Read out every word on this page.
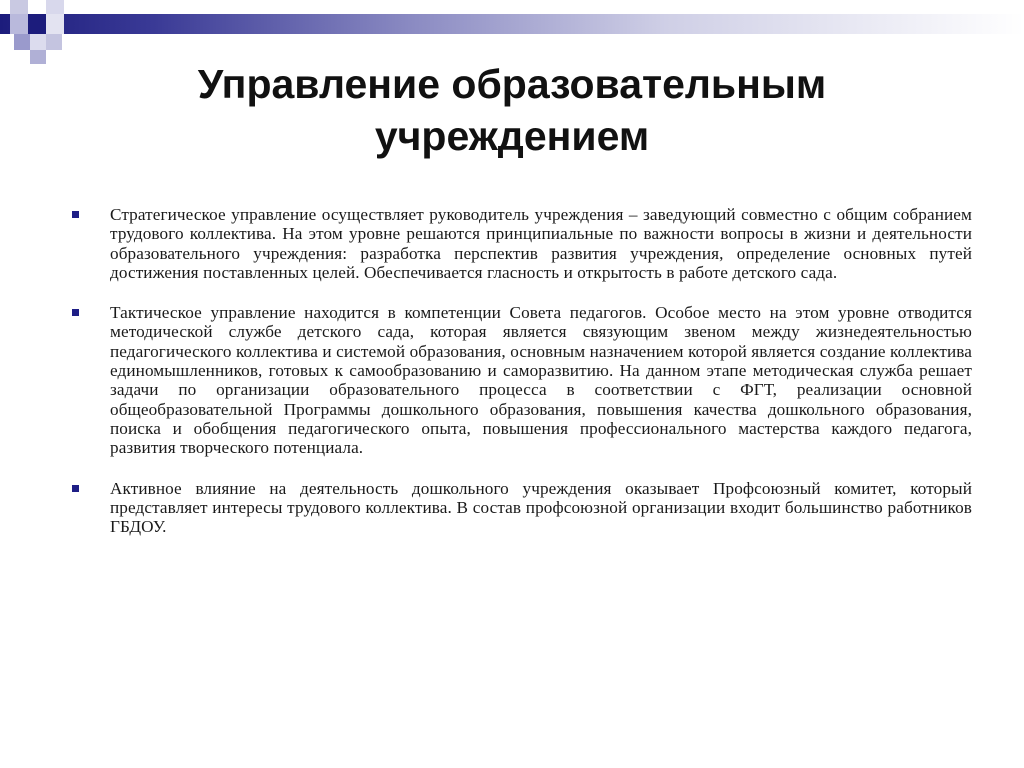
Управление образовательным учреждением
Стратегическое управление осуществляет руководитель учреждения – заведующий совместно с общим собранием трудового коллектива. На этом уровне решаются принципиальные по важности вопросы в жизни и деятельности образовательного учреждения: разработка перспектив развития учреждения, определение основных путей достижения поставленных целей. Обеспечивается гласность и открытость в работе детского сада.
Тактическое управление находится в компетенции Совета педагогов. Особое место на этом уровне отводится методической службе детского сада, которая является связующим звеном между жизнедеятельностью педагогического коллектива и системой образования, основным назначением которой является создание коллектива единомышленников, готовых к самообразованию и саморазвитию. На данном этапе методическая служба решает задачи по организации образовательного процесса в соответствии с ФГТ, реализации основной общеобразовательной Программы дошкольного образования, повышения качества дошкольного образования, поиска и обобщения педагогического опыта, повышения профессионального мастерства каждого педагога, развития творческого потенциала.
Активное влияние на деятельность дошкольного учреждения оказывает Профсоюзный комитет, который представляет интересы трудового коллектива. В состав профсоюзной организации входит большинство работников ГБДОУ.
